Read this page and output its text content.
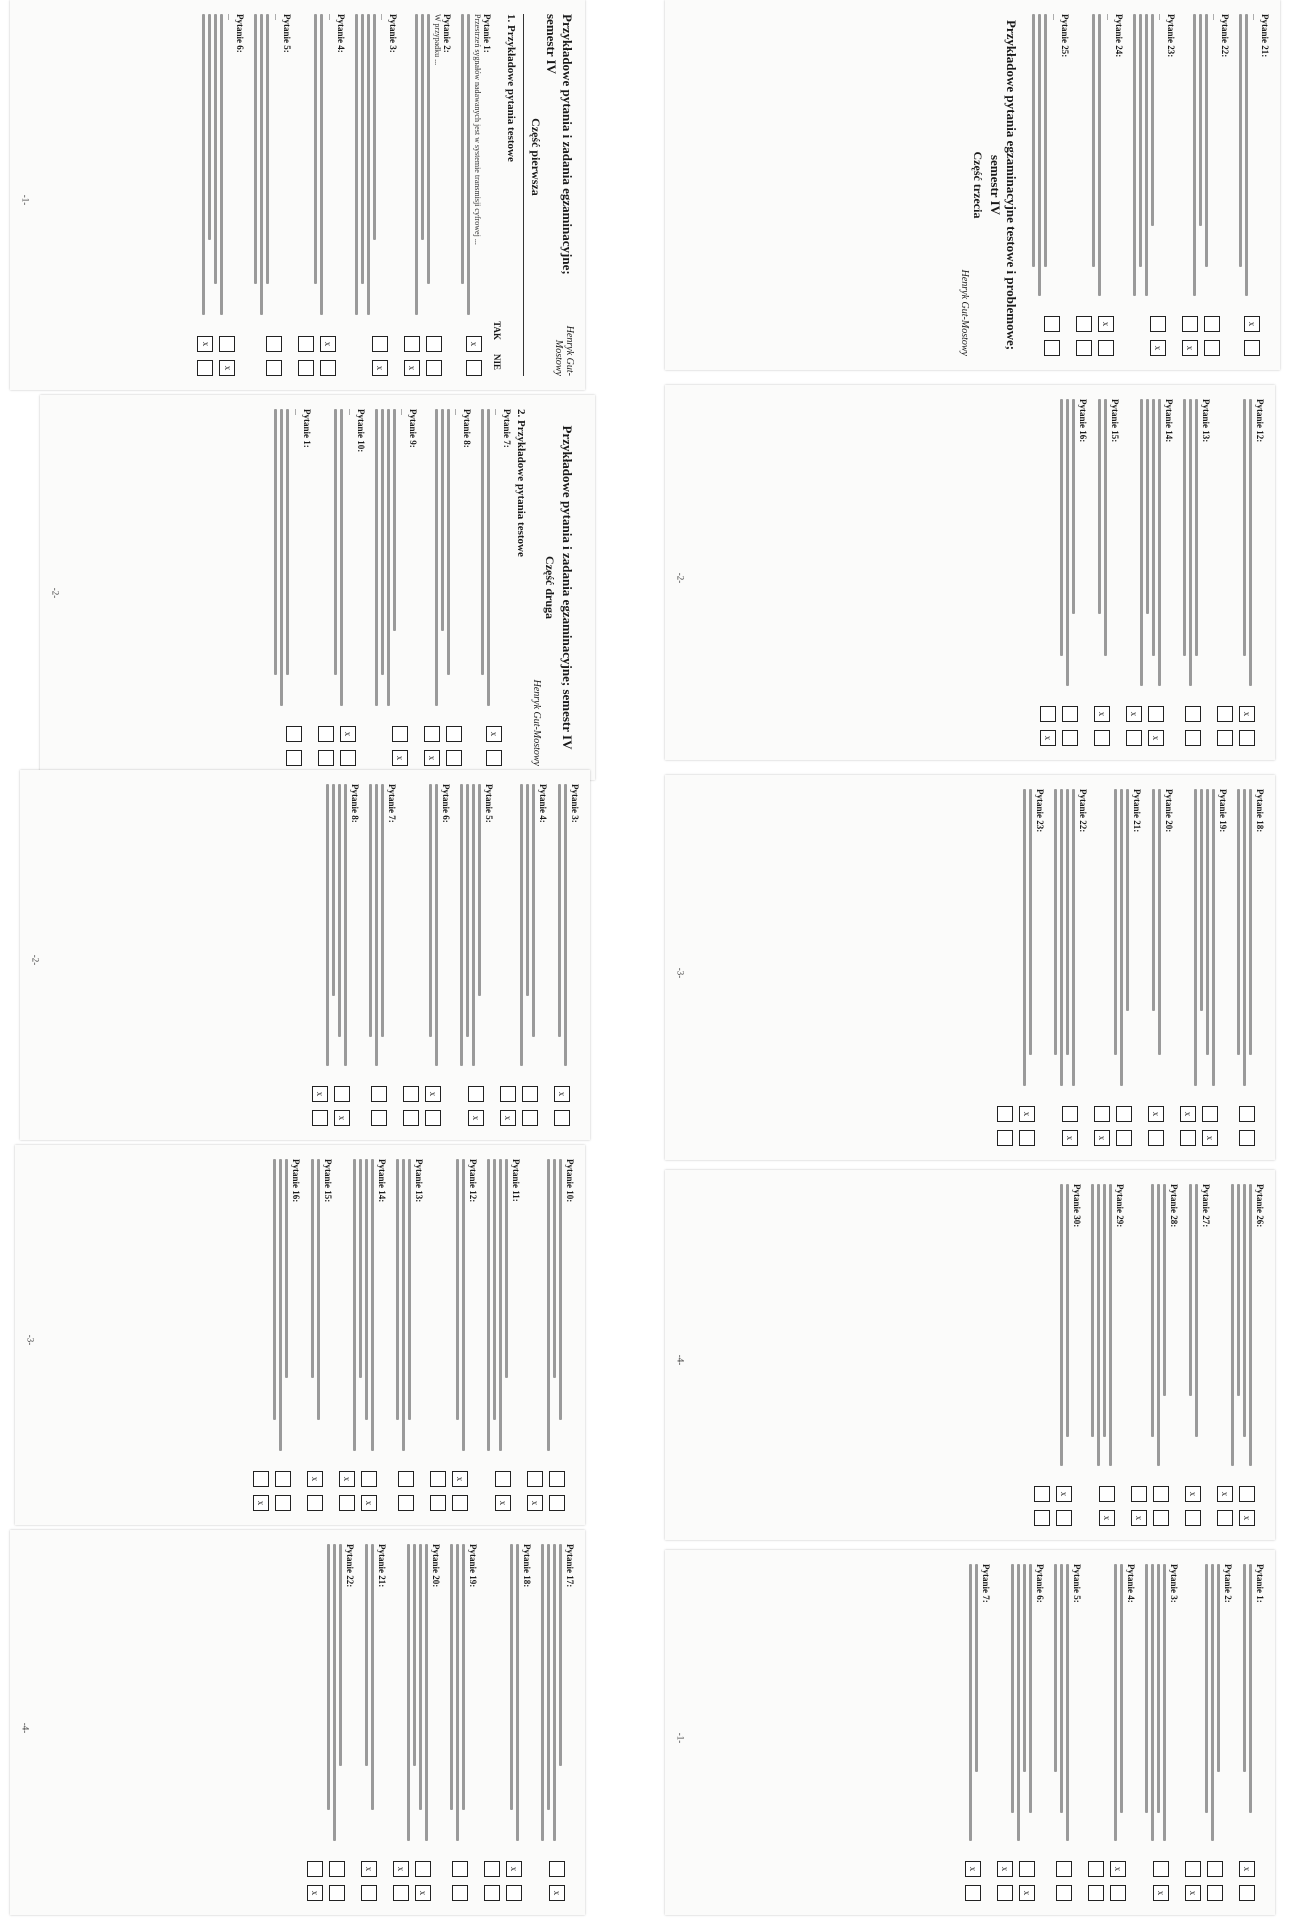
Przykładowe pytania i zadania egzaminacyjne; semestr IV
Część pierwsza
Henryk Gut-Mostowy
1. Przykładowe pytania testowe
TAK
NIE
Pytanie 1:
Przestrzeń sygnałów nadawanych jest w systemie transmisji cyfrowej ...
x
Pytanie 2:
W przypadku ...
x
Pytanie 3:
...
x
Pytanie 4:
...
x
Pytanie 5:
...
Pytanie 6:
...
x
x
-1-
Przykładowe pytania i zadania egzaminacyjne; semestr IV
Część druga
Henryk Gut-Mostowy
2. Przykładowe pytania testowe
Pytanie 7:
...
x
Pytanie 8:
...
x
Pytanie 9:
...
x
Pytanie 10:
...
x
Pytanie 1:
...
-2-
Pytanie 3:
x
Pytanie 4:
x
Pytanie 5:
x
Pytanie 6:
x
Pytanie 7:
Pytanie 8:
x
x
-2-
Pytanie 10:
x
Pytanie 11:
x
Pytanie 12:
x
Pytanie 13:
Pytanie 14:
x
x
Pytanie 15:
x
Pytanie 16:
x
-3-
Pytanie 17:
x
Pytanie 18:
x
Pytanie 19:
Pytanie 20:
x
x
Pytanie 21:
x
Pytanie 22:
x
-4-
Pytanie 21:
...
x
Pytanie 22:
...
x
Pytanie 23:
...
x
Pytanie 24:
...
x
Pytanie 25:
...
Przykładowe pytania egzaminacyjne testowe i problemowe; semestr IV
Część trzecia
Henryk Gut-Mostowy
Pytanie 12:
x
Pytanie 13:
Pytanie 14:
x
x
Pytanie 15:
x
Pytanie 16:
x
-2-
Pytanie 18:
Pytanie 19:
x
x
Pytanie 20:
x
Pytanie 21:
x
Pytanie 22:
x
Pytanie 23:
x
-3-
Pytanie 26:
x
x
Pytanie 27:
x
Pytanie 28:
x
Pytanie 29:
x
Pytanie 30:
x
-4-
Pytanie 1:
x
Pytanie 2:
x
Pytanie 3:
x
Pytanie 4:
x
Pytanie 5:
Pytanie 6:
x
x
Pytanie 7:
x
-1-
